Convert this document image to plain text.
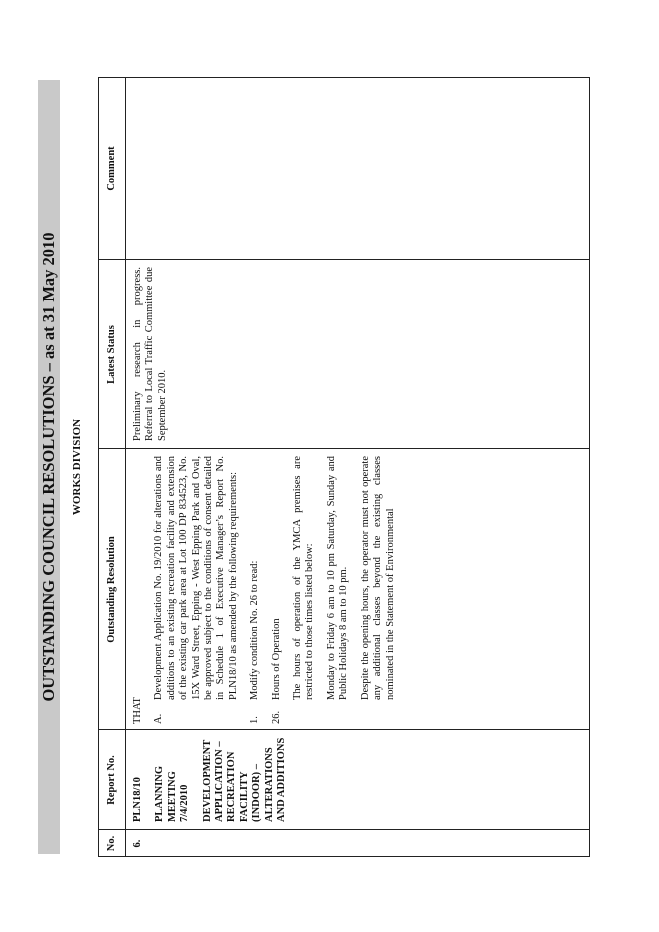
OUTSTANDING COUNCIL RESOLUTIONS – as at 31 May 2010 WORKS DIVISION
No.
Report No.
Outstanding Resolution
Latest Status
Comment
6.

PLN18/10 PLANNING MEETING 7/4/2010 DEVELOPMENT APPLICATION – RECREATION FACILITY (INDOOR) – ALTERATIONS AND ADDITIONS

THAT A.
Development Application No. 19/2010 for alterations and additions to an existing recreation facility and extension of the existing car park area at Lot 100 DP 834523, No. 15X Ward Street, Epping - West Epping Park and Oval, be approved subject to the conditions of consent detailed in Schedule 1 of Executive Manager’s Report No. PLN18/10 as amended by the following requirements:
1.
Modify condition No. 26 to read:
26.
Hours of Operation The hours of operation of the YMCA premises are restricted to those times listed below: Monday to Friday 6 am to 10 pm Saturday, Sunday and Public Holidays 8 am to 10 pm. Despite the opening hours, the operator must not operate any additional classes beyond the existing classes nominated in the Statement of Environmental
Preliminary research in progress. Referral to Local Traffic Committee due September 2010.
